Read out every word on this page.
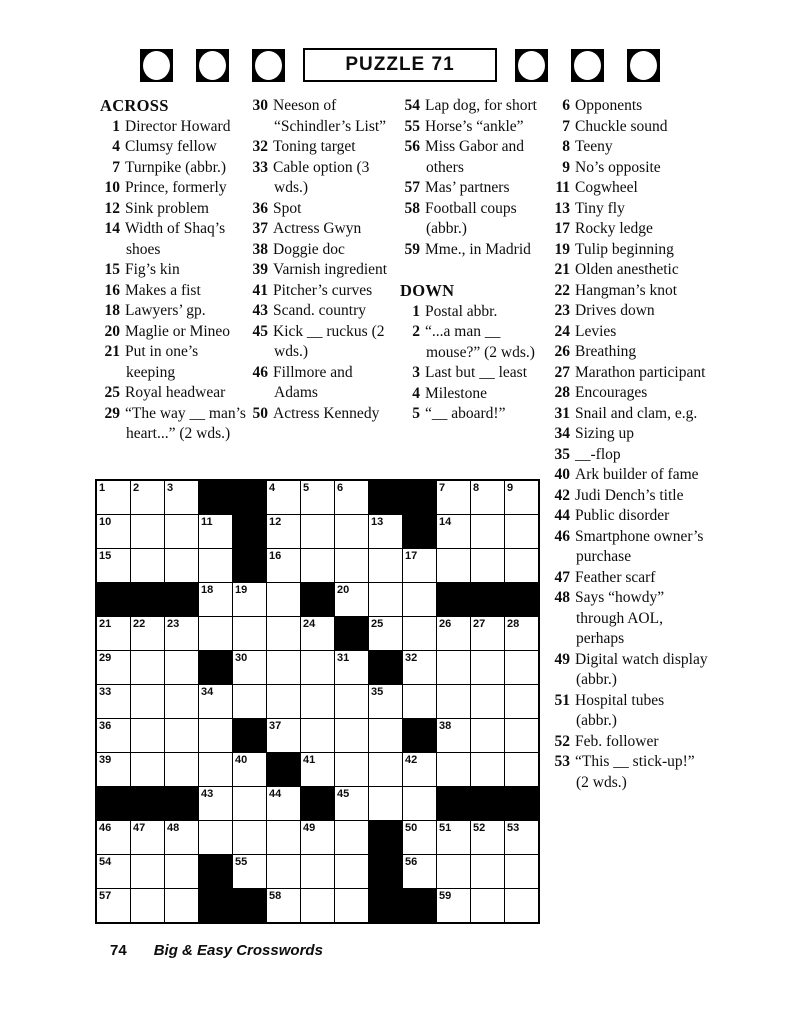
PUZZLE 71
ACROSS
1 Director Howard
4 Clumsy fellow
7 Turnpike (abbr.)
10 Prince, formerly
12 Sink problem
14 Width of Shaq’s shoes
15 Fig’s kin
16 Makes a fist
18 Lawyers’ gp.
20 Maglie or Mineo
21 Put in one’s keeping
25 Royal headwear
29 “The way __ man’s heart...” (2 wds.)
30 Neeson of “Schindler’s List”
32 Toning target
33 Cable option (3 wds.)
36 Spot
37 Actress Gwyn
38 Doggie doc
39 Varnish ingredient
41 Pitcher’s curves
43 Scand. country
45 Kick __ ruckus (2 wds.)
46 Fillmore and Adams
50 Actress Kennedy
54 Lap dog, for short
55 Horse’s “ankle”
56 Miss Gabor and others
57 Mas’ partners
58 Football coups (abbr.)
59 Mme., in Madrid
DOWN
1 Postal abbr.
2 “...a man __ mouse?” (2 wds.)
3 Last but __ least
4 Milestone
5 “__ aboard!”
6 Opponents
7 Chuckle sound
8 Teeny
9 No’s opposite
11 Cogwheel
13 Tiny fly
17 Rocky ledge
19 Tulip beginning
21 Olden anesthetic
22 Hangman’s knot
23 Drives down
24 Levies
26 Breathing
27 Marathon participant
28 Encourages
31 Snail and clam, e.g.
34 Sizing up
35 __-flop
40 Ark builder of fame
42 Judi Dench’s title
44 Public disorder
46 Smartphone owner’s purchase
47 Feather scarf
48 Says “howdy” through AOL, perhaps
49 Digital watch display (abbr.)
51 Hospital tubes (abbr.)
52 Feb. follower
53 “This __ stick-up!” (2 wds.)
1	2	3	4	5	6	7	8	9
10	11	12	13	14
15	16	17
18 19	20
21 22 23	24	25	26 27 28
29	30	31	32
33	34	35
36	37	38
39	40	41	42
43	44	45
46 47 48	49	50 51 52 53
54	55	56
57	58	59
74 Big & Easy Crosswords
